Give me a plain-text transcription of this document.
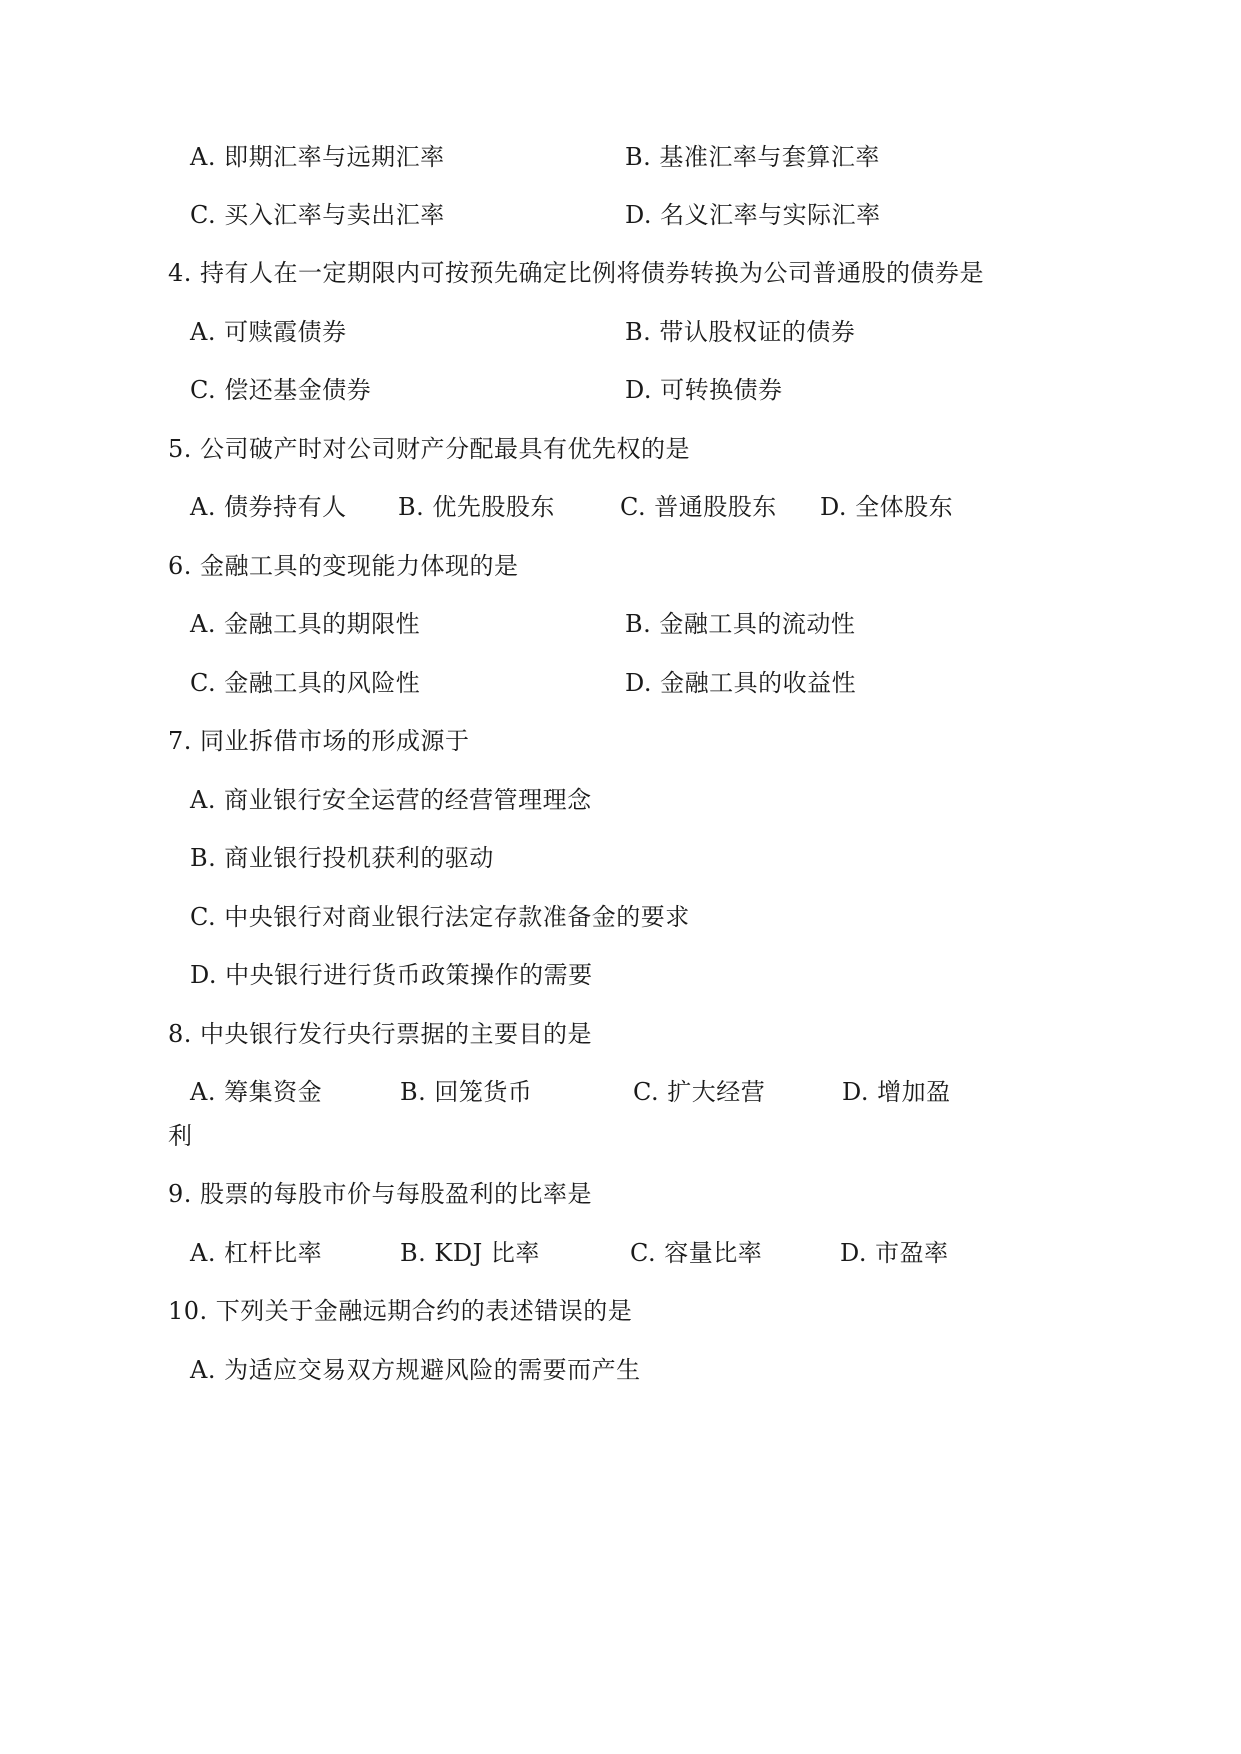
A. 即期汇率与远期汇率	B. 基准汇率与套算汇率
C. 买入汇率与卖出汇率	D. 名义汇率与实际汇率
4. 持有人在一定期限内可按预先确定比例将债券转换为公司普通股的债券是
A. 可赎霞债券	B. 带认股权证的债券
C. 偿还基金债券	D. 可转换债券
5. 公司破产时对公司财产分配最具有优先权的是
A. 债券持有人 B. 优先股股东	C. 普通股股东 D. 全体股东
6. 金融工具的变现能力体现的是
A. 金融工具的期限性	B. 金融工具的流动性
C. 金融工具的风险性	D. 金融工具的收益性
7. 同业拆借市场的形成源于
A. 商业银行安全运营的经营管理理念
B. 商业银行投机获利的驱动
C. 中央银行对商业银行法定存款准备金的要求
D. 中央银行进行货币政策操作的需要
8. 中央银行发行央行票据的主要目的是
A. 筹集资金	B. 回笼货币	C. 扩大经营	D. 增加盈
利
9. 股票的每股市价与每股盈利的比率是
A. 杠杆比率	B. KDJ 比率	C. 容量比率	D. 市盈率
10. 下列关于金融远期合约的表述错误的是
A. 为适应交易双方规避风险的需要而产生
